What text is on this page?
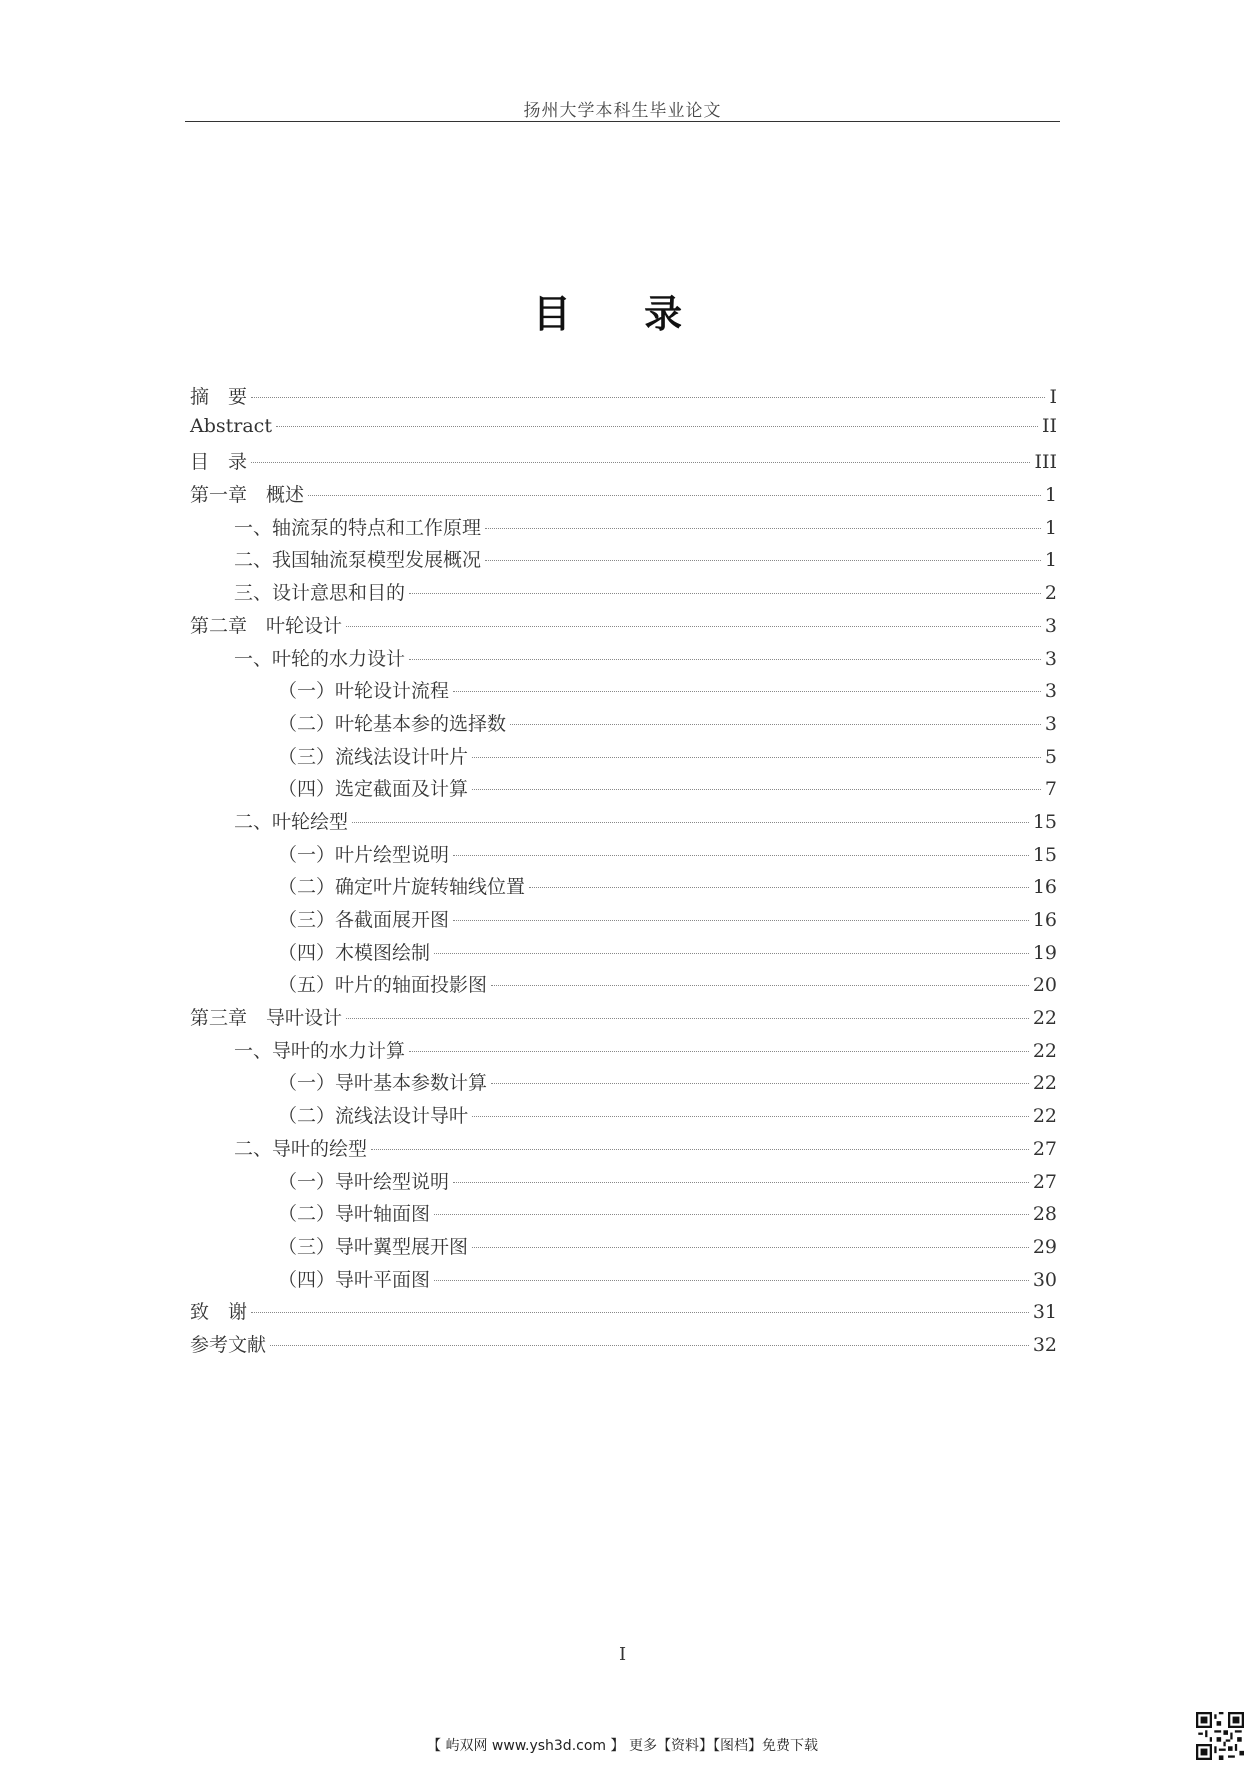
扬州大学本科生毕业论文
目 录
摘　要	I
Abstract	II
目　录	III
第一章　概述	1
一、轴流泵的特点和工作原理	1
二、我国轴流泵模型发展概况	1
三、设计意思和目的	2
第二章　叶轮设计	3
一、叶轮的水力设计	3
（一）叶轮设计流程	3
（二）叶轮基本参的选择数	3
（三）流线法设计叶片	5
（四）选定截面及计算	7
二、叶轮绘型	15
（一）叶片绘型说明	15
（二）确定叶片旋转轴线位置	16
（三）各截面展开图	16
（四）木模图绘制	19
（五）叶片的轴面投影图	20
第三章　导叶设计	22
一、导叶的水力计算	22
（一）导叶基本参数计算	22
（二）流线法设计导叶	22
二、导叶的绘型	27
（一）导叶绘型说明	27
（二）导叶轴面图	28
（三）导叶翼型展开图	29
（四）导叶平面图	30
致　谢	31
参考文献	32
I
【 屿双网 www.ysh3d.com 】 更多【资料】【图档】免费下载
